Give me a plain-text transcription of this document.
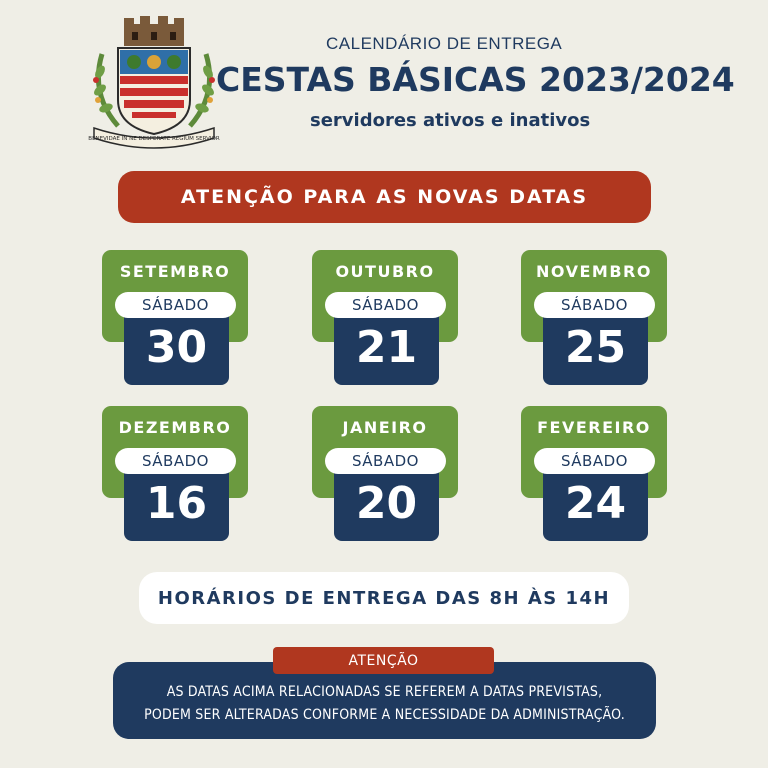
BENEVIDAE IN NE DESPERATE REGIUM SERVIOR
CALENDÁRIO DE ENTREGA
CESTAS BÁSICAS 2023/2024
servidores ativos e inativos
ATENÇÃO PARA AS NOVAS DATAS
SETEMBRO
SÁBADO
30
OUTUBRO
SÁBADO
21
NOVEMBRO
SÁBADO
25
DEZEMBRO
SÁBADO
16
JANEIRO
SÁBADO
20
FEVEREIRO
SÁBADO
24
HORÁRIOS DE ENTREGA DAS 8H ÀS 14H
ATENÇÃO
AS DATAS ACIMA RELACIONADAS SE REFEREM A DATAS PREVISTAS,
PODEM SER ALTERADAS CONFORME A NECESSIDADE DA ADMINISTRAÇÃO.
